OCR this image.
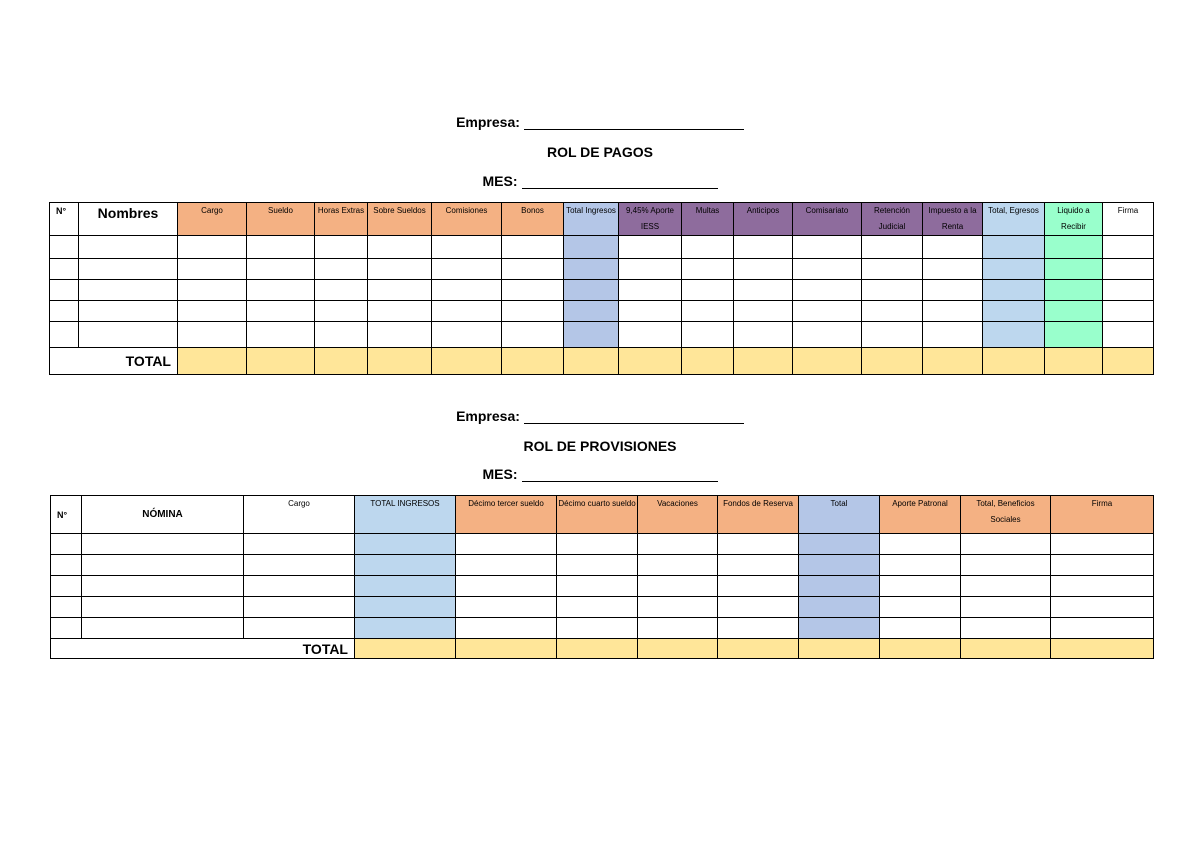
Empresa:
ROL DE PAGOS
MES:
N°	Nombres	Cargo	Sueldo	Horas Extras	Sobre Sueldos	Comisiones	Bonos	Total Ingresos	9,45% Aporte IESS	Multas	Anticipos	Comisariato	Retención Judicial	Impuesto a la Renta	Total, Egresos	Liquido a Recibir	Firma

TOTAL																	
Empresa:
ROL DE PROVISIONES
MES:
N°	NÓMINA	Cargo	TOTAL INGRESOS	Décimo tercer sueldo	Décimo cuarto sueldo	Vacaciones	Fondos de Reserva	Total	Aporte Patronal	Total, Beneficios Sociales	Firma

TOTAL											
